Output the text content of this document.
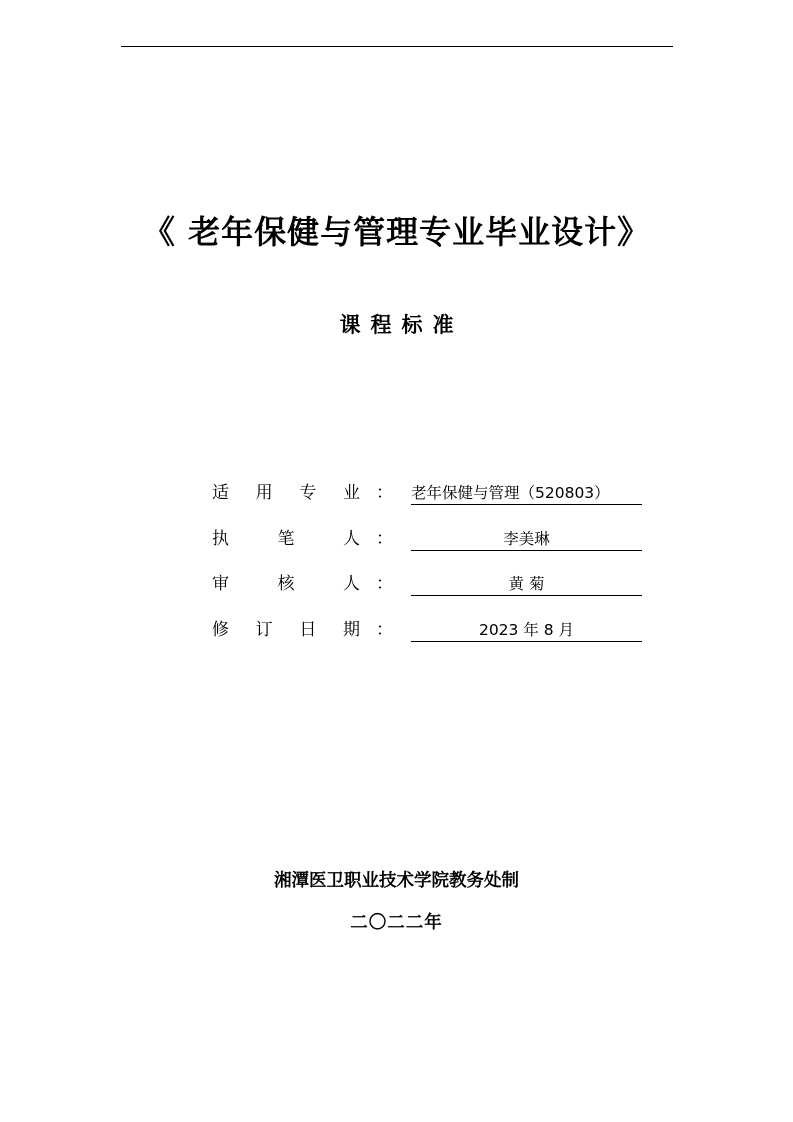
《 老年保健与管理专业毕业设计》
课程标准
适 用 专 业 ： 老年保健与管理（520803）
执	笔	人 ：	李美琳
审	核	人 ：	黄 菊
修 订 日 期 ：	2023 年 8 月
湘潭医卫职业技术学院教务处制
二〇二二年
